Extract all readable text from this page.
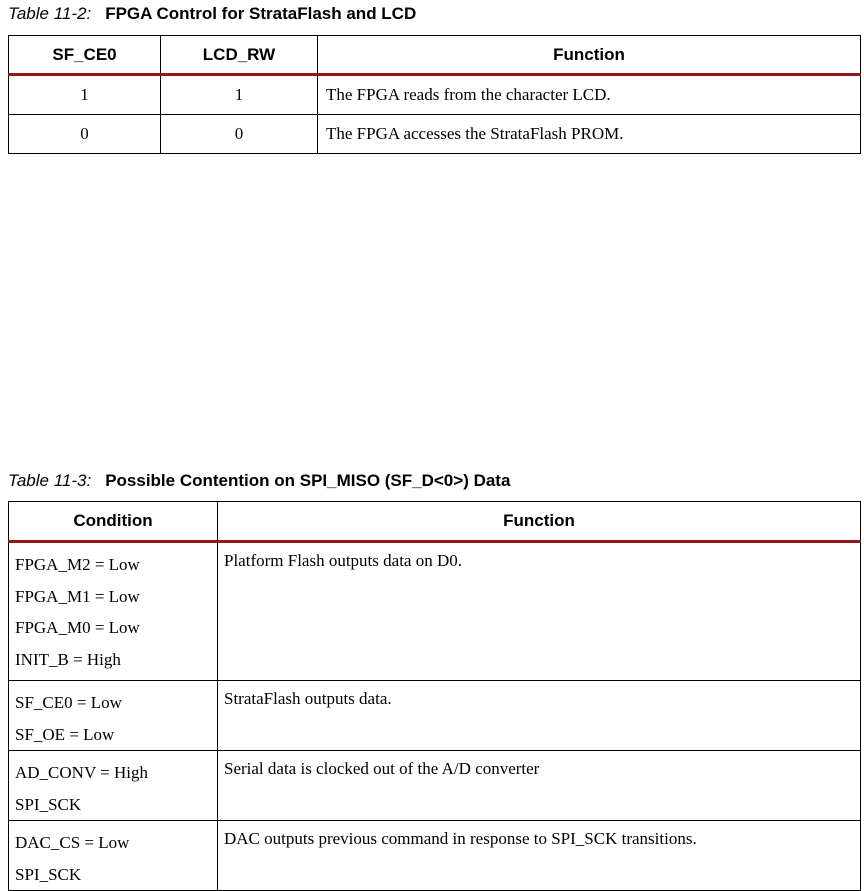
Table 11-2: FPGA Control for StrataFlash and LCD
SF_CE0	LCD_RW	Function
1	1	The FPGA reads from the character LCD.
0	0	The FPGA accesses the StrataFlash PROM.
Table 11-3: Possible Contention on SPI_MISO (SF_D<0>) Data
Condition	Function

FPGA_M2 = Low
FPGA_M1 = Low
FPGA_M0 = Low
INIT_B = High	Platform Flash outputs data on D0.

SF_CE0 = Low
SF_OE = Low	StrataFlash outputs data.

AD_CONV = High
SPI_SCK	Serial data is clocked out of the A/D converter

DAC_CS = Low
SPI_SCK	DAC outputs previous command in response to SPI_SCK transitions.
